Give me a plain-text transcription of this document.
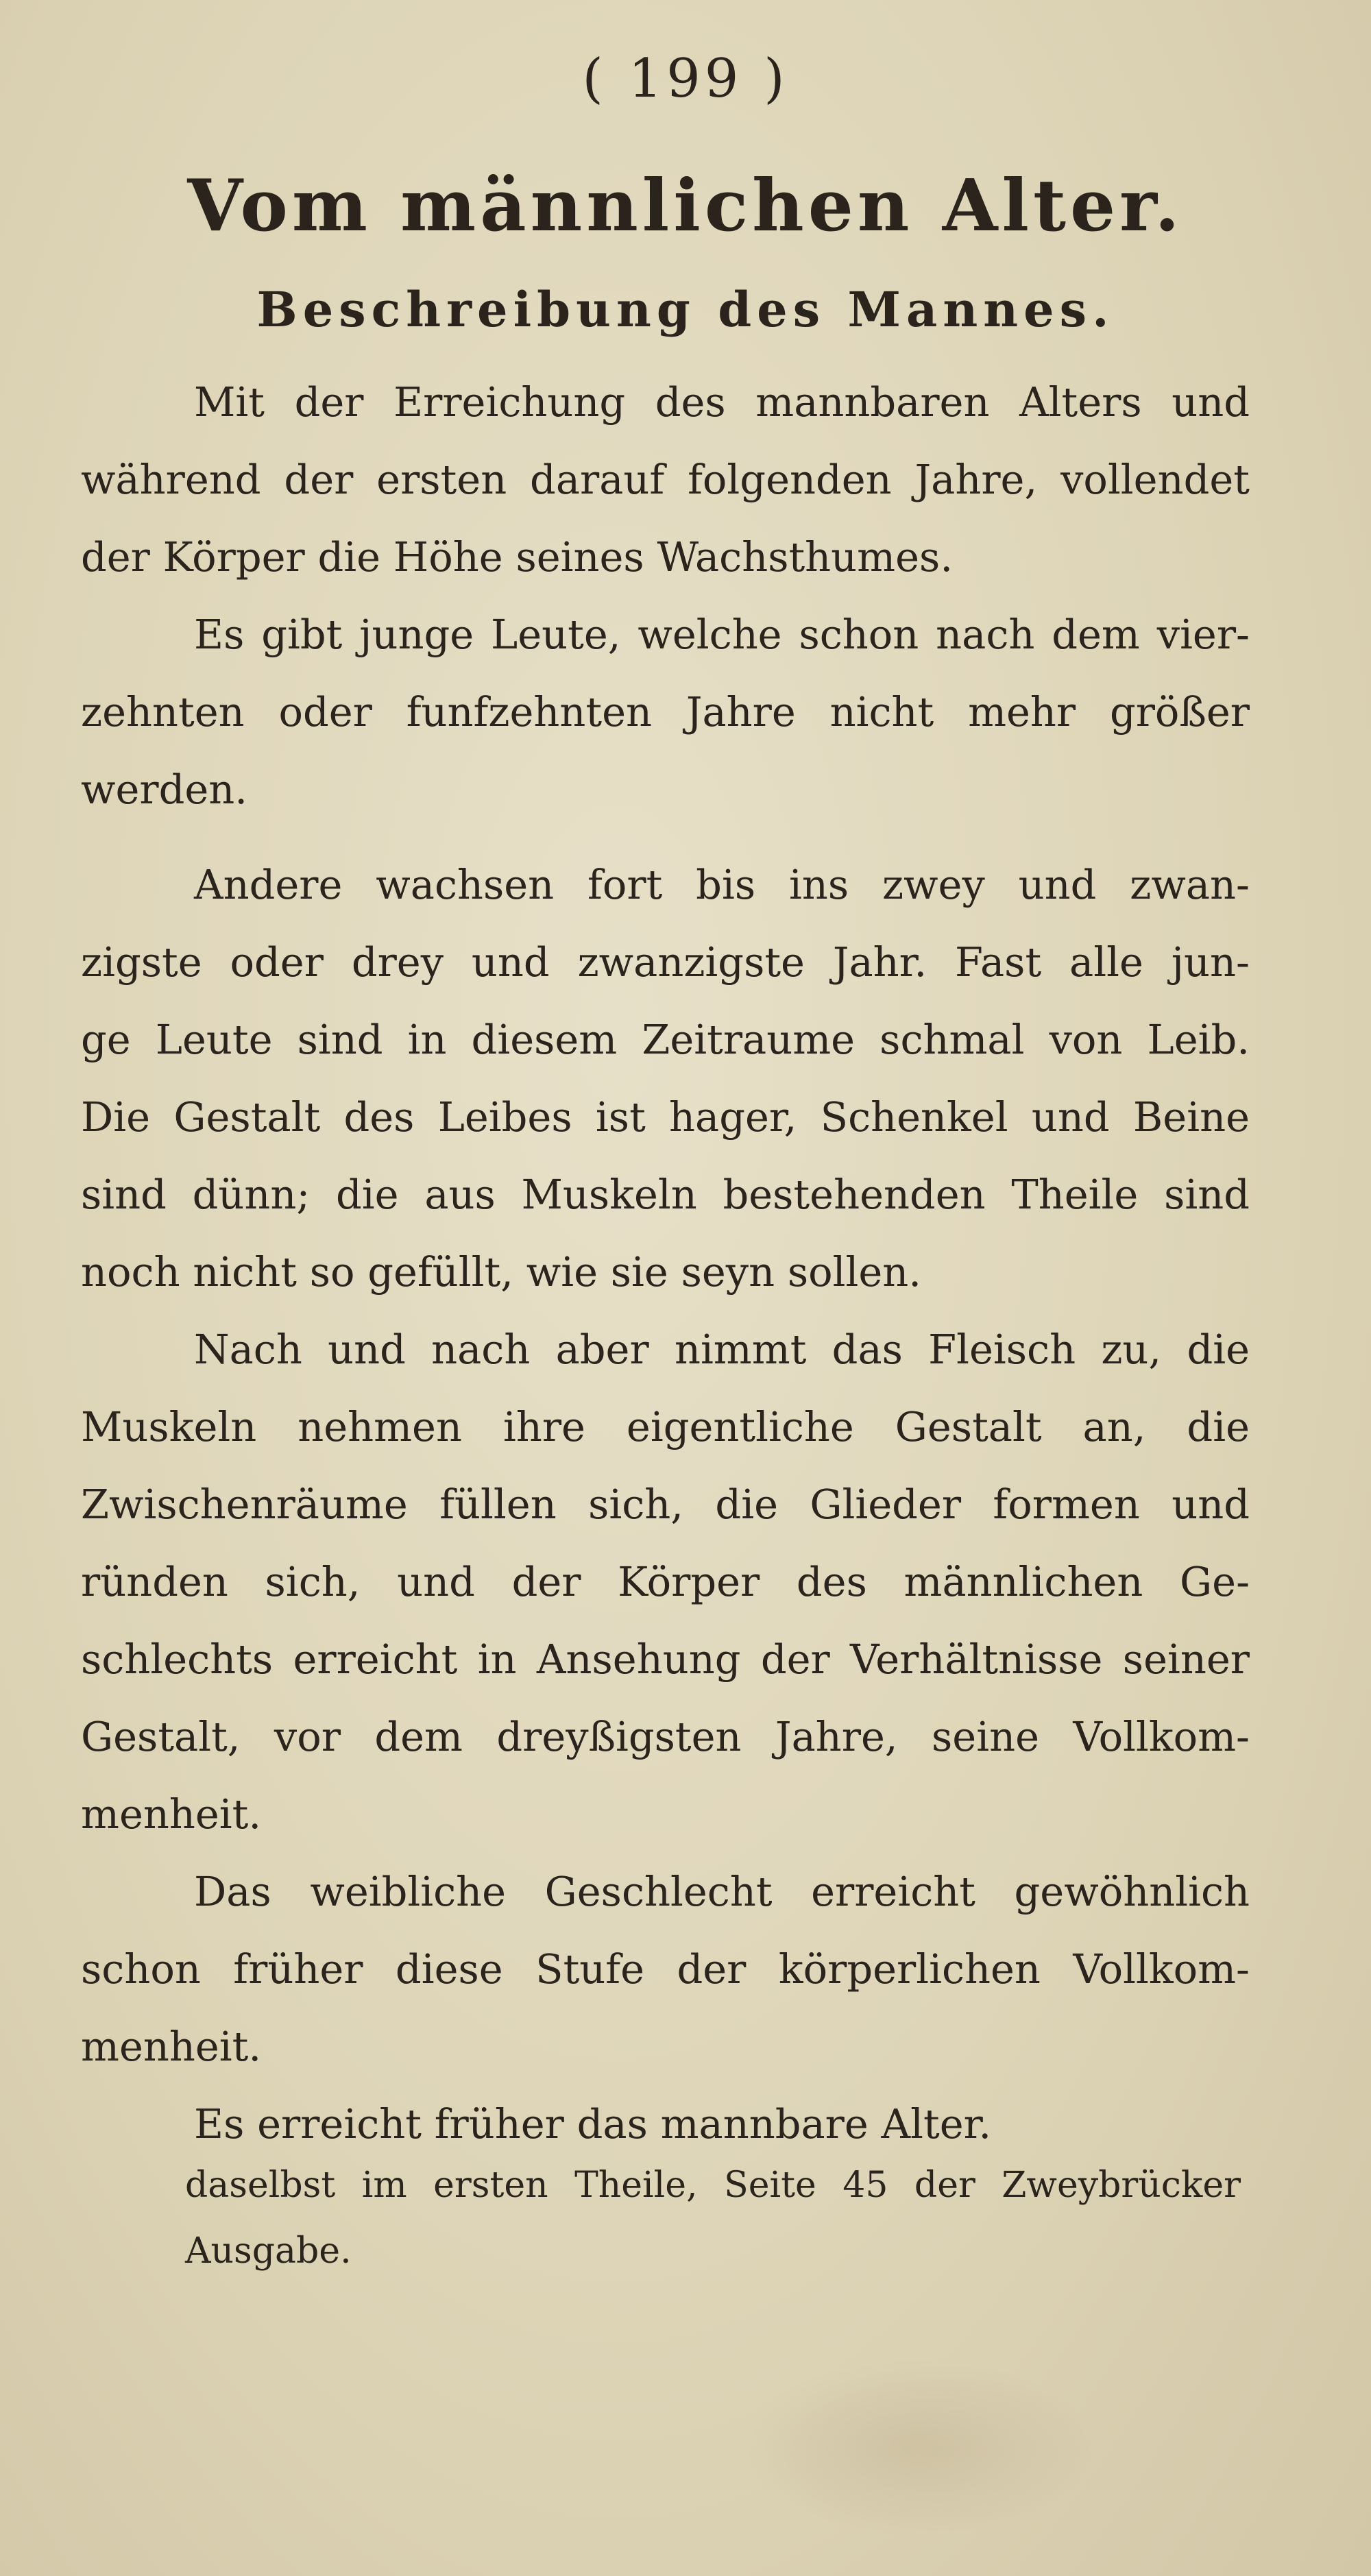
( 199 )
Vom männlichen Alter.
Beschreibung des Mannes.
Mit der Erreichung des mannbaren Alters und
während der ersten darauf folgenden Jahre, vollendet
der Körper die Höhe seines Wachsthumes.
Es gibt junge Leute, welche schon nach dem vier-
zehnten oder funfzehnten Jahre nicht mehr größer
werden.
Andere wachsen fort bis ins zwey und zwan-
zigste oder drey und zwanzigste Jahr. Fast alle jun-
ge Leute sind in diesem Zeitraume schmal von Leib.
Die Gestalt des Leibes ist hager, Schenkel und Beine
sind dünn; die aus Muskeln bestehenden Theile sind
noch nicht so gefüllt, wie sie seyn sollen.
Nach und nach aber nimmt das Fleisch zu, die
Muskeln nehmen ihre eigentliche Gestalt an, die
Zwischenräume füllen sich, die Glieder formen und
ründen sich, und der Körper des männlichen Ge-
schlechts erreicht in Ansehung der Verhältnisse seiner
Gestalt, vor dem dreyßigsten Jahre, seine Vollkom-
menheit.
Das weibliche Geschlecht erreicht gewöhnlich
schon früher diese Stufe der körperlichen Vollkom-
menheit.
Es erreicht früher das mannbare Alter.
daselbst im ersten Theile, Seite 45 der Zweybrücker
Ausgabe.
